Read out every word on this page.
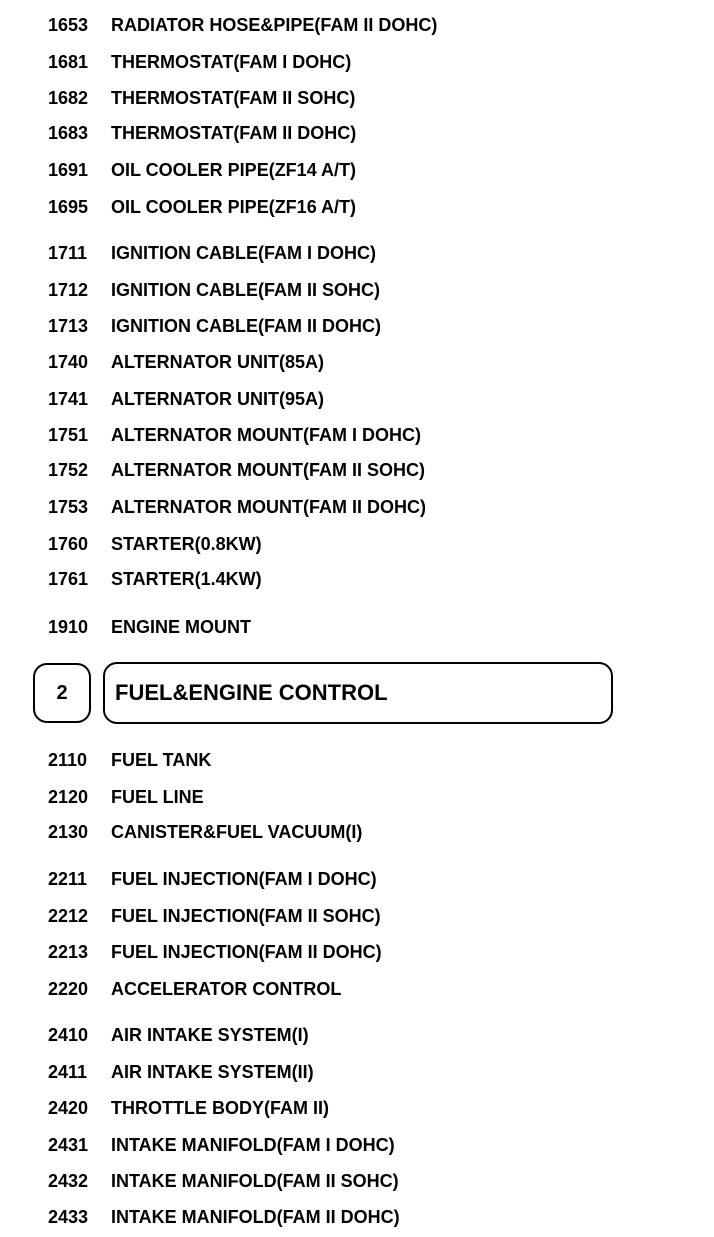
1653	RADIATOR HOSE&PIPE(FAM II DOHC)
1681	THERMOSTAT(FAM I DOHC)
1682	THERMOSTAT(FAM II SOHC)
1683	THERMOSTAT(FAM II DOHC)
1691	OIL COOLER PIPE(ZF14 A/T)
1695	OIL COOLER PIPE(ZF16 A/T)
1711	IGNITION CABLE(FAM I DOHC)
1712	IGNITION CABLE(FAM II SOHC)
1713	IGNITION CABLE(FAM II DOHC)
1740	ALTERNATOR UNIT(85A)
1741	ALTERNATOR UNIT(95A)
1751	ALTERNATOR MOUNT(FAM I DOHC)
1752	ALTERNATOR MOUNT(FAM II SOHC)
1753	ALTERNATOR MOUNT(FAM II DOHC)
1760	STARTER(0.8KW)
1761	STARTER(1.4KW)
1910	ENGINE MOUNT
2 FUEL&ENGINE CONTROL
2110	FUEL TANK
2120	FUEL LINE
2130	CANISTER&FUEL VACUUM(I)
2211	FUEL INJECTION(FAM I DOHC)
2212	FUEL INJECTION(FAM II SOHC)
2213	FUEL INJECTION(FAM II DOHC)
2220	ACCELERATOR CONTROL
2410	AIR INTAKE SYSTEM(I)
2411	AIR INTAKE SYSTEM(II)
2420	THROTTLE BODY(FAM II)
2431	INTAKE MANIFOLD(FAM I DOHC)
2432	INTAKE MANIFOLD(FAM II SOHC)
2433	INTAKE MANIFOLD(FAM II DOHC)
